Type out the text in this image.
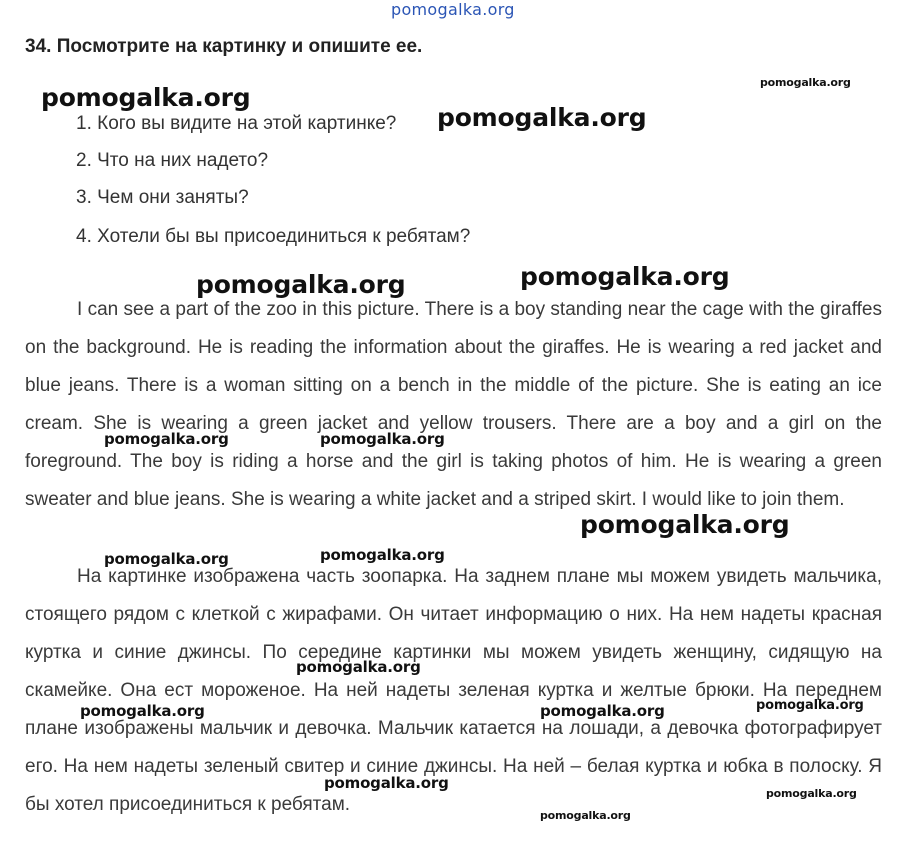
pomogalka.org
34. Посмотрите на картинку и опишите ее.
1. Кого вы видите на этой картинке?
2. Что на них надето?
3. Чем они заняты?
4. Хотели бы вы присоединиться к ребятам?

I can see a part of the zoo in this picture. There is a boy standing near the cage with the giraffes on the background. He is reading the information about the giraffes. He is wearing a red jacket and blue jeans. There is a woman sitting on a bench in the middle of the picture. She is eating an ice cream. She is wearing a green jacket and yellow trousers. There are a boy and a girl on the foreground. The boy is riding a horse and the girl is taking photos of him. He is wearing a green sweater and blue jeans. She is wearing a white jacket and a striped skirt. I would like to join them.

На картинке изображена часть зоопарка. На заднем плане мы можем увидеть мальчика, стоящего рядом с клеткой с жирафами. Он читает информацию о них. На нем надеты красная куртка и синие джинсы. По середине картинки мы можем увидеть женщину, сидящую на скамейке. Она ест мороженое. На ней надеты зеленая куртка и желтые брюки. На переднем плане изображены мальчик и девочка. Мальчик катается на лошади, а девочка фотографирует его. На нем надеты зеленый свитер и синие джинсы. На ней – белая куртка и юбка в полоску. Я бы хотел присоединиться к ребятам.

pomogalka.org
pomogalka.org
pomogalka.org
pomogalka.org	pomogalka.org
pomogalka.org	pomogalka.org
pomogalka.org
pomogalka.org	pomogalka.org
pomogalka.org
pomogalka.org	pomogalka.org	pomogalka.org
pomogalka.org
pomogalka.org
pomogalka.org
